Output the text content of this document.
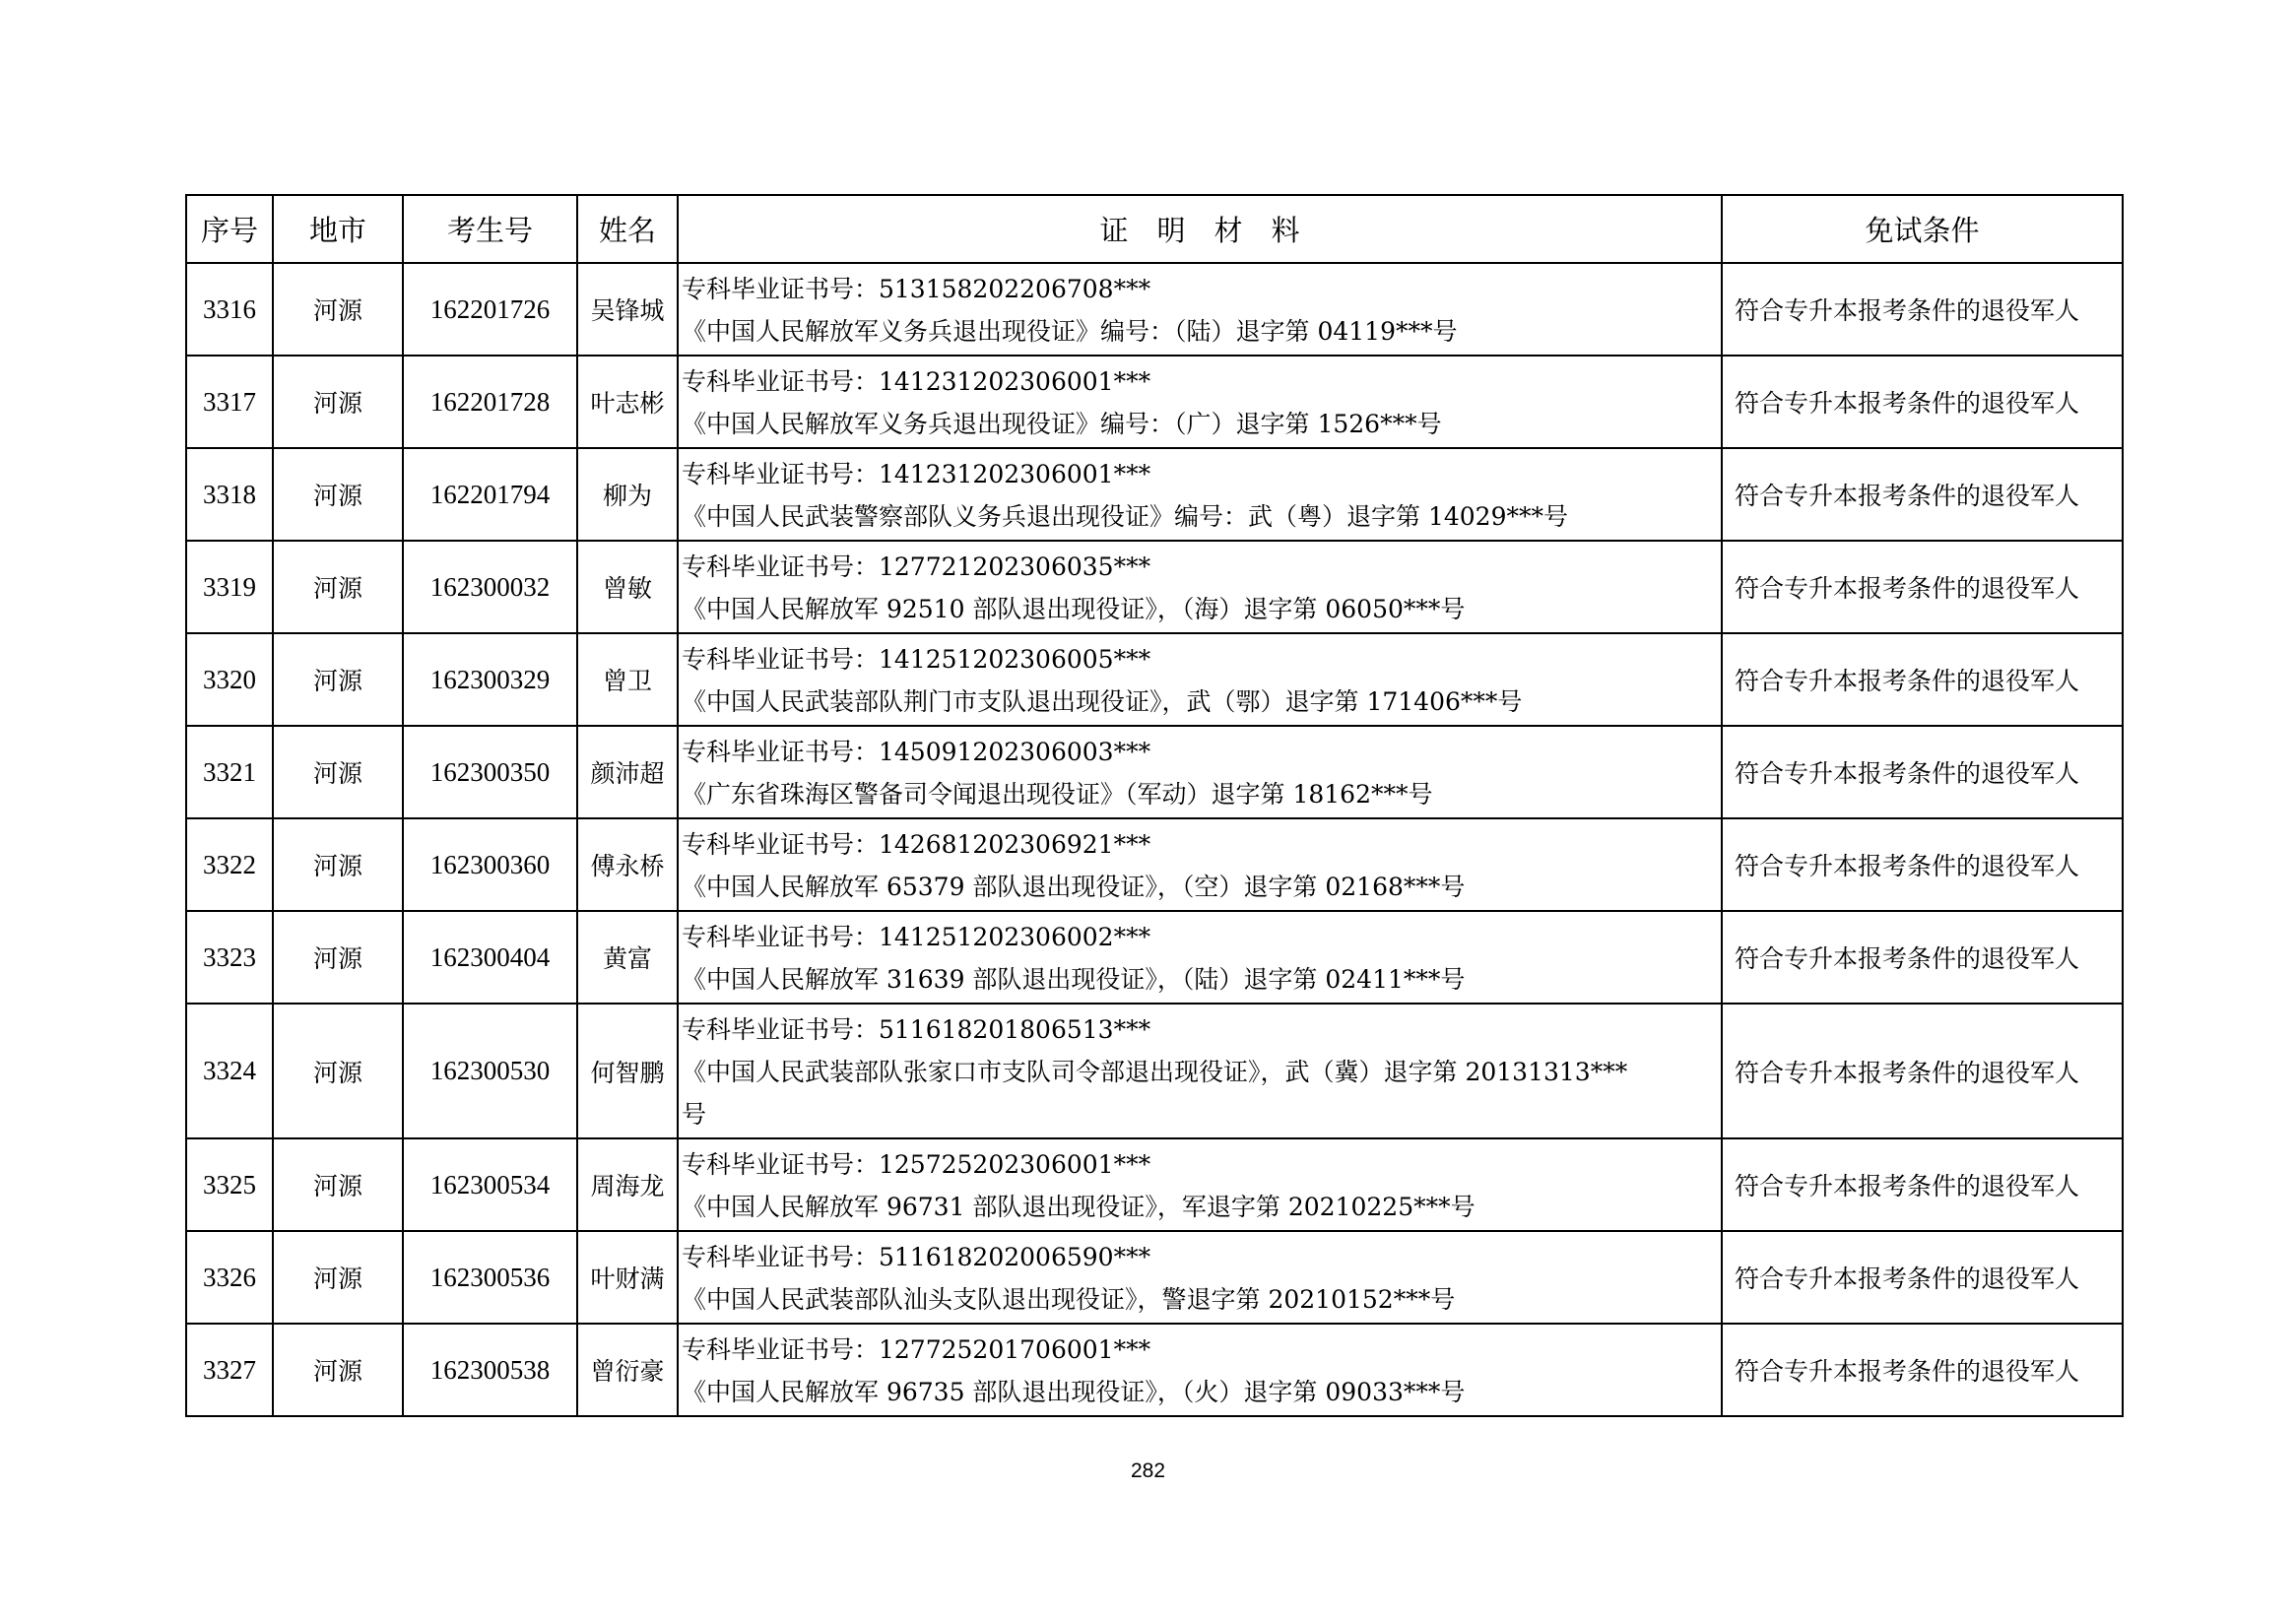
序号	地市	考生号	姓名	证　明　材　料	免试条件
3316	河源	162201726	吴锋城	专科毕业证书号：513158202206708***
《中国人民解放军义务兵退出现役证》编号：（陆）退字第 04119***号	符合专升本报考条件的退役军人
3317	河源	162201728	叶志彬	专科毕业证书号：141231202306001***
《中国人民解放军义务兵退出现役证》编号：（广）退字第 1526***号	符合专升本报考条件的退役军人
3318	河源	162201794	柳为	专科毕业证书号：141231202306001***
《中国人民武装警察部队义务兵退出现役证》编号：武（粤）退字第 14029***号	符合专升本报考条件的退役军人
3319	河源	162300032	曾敏	专科毕业证书号：127721202306035***
《中国人民解放军 92510 部队退出现役证》，（海）退字第 06050***号	符合专升本报考条件的退役军人
3320	河源	162300329	曾卫	专科毕业证书号：141251202306005***
《中国人民武装部队荆门市支队退出现役证》，武（鄂）退字第 171406***号	符合专升本报考条件的退役军人
3321	河源	162300350	颜沛超	专科毕业证书号：145091202306003***
《广东省珠海区警备司令闻退出现役证》（军动）退字第 18162***号	符合专升本报考条件的退役军人
3322	河源	162300360	傅永桥	专科毕业证书号：142681202306921***
《中国人民解放军 65379 部队退出现役证》，（空）退字第 02168***号	符合专升本报考条件的退役军人
3323	河源	162300404	黄富	专科毕业证书号：141251202306002***
《中国人民解放军 31639 部队退出现役证》，（陆）退字第 02411***号	符合专升本报考条件的退役军人
3324	河源	162300530	何智鹏	专科毕业证书号：511618201806513***
《中国人民武装部队张家口市支队司令部退出现役证》，武（冀）退字第 20131313***
号	符合专升本报考条件的退役军人
3325	河源	162300534	周海龙	专科毕业证书号：125725202306001***
《中国人民解放军 96731 部队退出现役证》，军退字第 20210225***号	符合专升本报考条件的退役军人
3326	河源	162300536	叶财满	专科毕业证书号：511618202006590***
《中国人民武装部队汕头支队退出现役证》，警退字第 20210152***号	符合专升本报考条件的退役军人
3327	河源	162300538	曾衍豪	专科毕业证书号：127725201706001***
《中国人民解放军 96735 部队退出现役证》，（火）退字第 09033***号	符合专升本报考条件的退役军人
282
